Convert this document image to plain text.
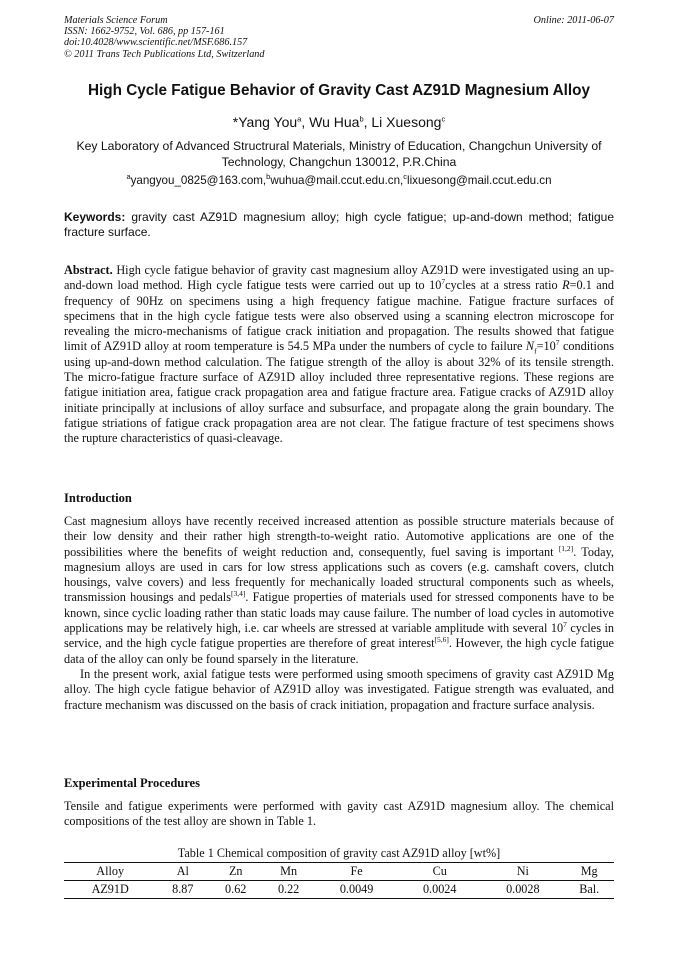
Materials Science Forum
ISSN: 1662-9752, Vol. 686, pp 157-161
doi:10.4028/www.scientific.net/MSF.686.157
© 2011 Trans Tech Publications Ltd, Switzerland
Online: 2011-06-07
High Cycle Fatigue Behavior of Gravity Cast AZ91D Magnesium Alloy
*Yang You$^a$, Wu Hua$^b$, Li Xuesong$^c$
Key Laboratory of Advanced Structrural Materials, Ministry of Education, Changchun University of Technology, Changchun 130012, P.R.China
$^a$yangyou_0825@163.com,$^b$wuhua@mail.ccut.edu.cn,$^c$lixuesong@mail.ccut.edu.cn
Keywords: gravity cast AZ91D magnesium alloy; high cycle fatigue; up-and-down method; fatigue fracture surface.
Abstract. High cycle fatigue behavior of gravity cast magnesium alloy AZ91D were investigated using an up-and-down load method. High cycle fatigue tests were carried out up to $10^7cycles$ at a stress ratio R=0.1 and frequency of 90Hz on specimens using a high frequency fatigue machine. Fatigue fracture surfaces of specimens that in the high cycle fatigue tests were also observed using a scanning electron microscope for revealing the micro-mechanisms of fatigue crack initiation and propagation. The results showed that fatigue limit of AZ91D alloy at room temperature is 54.5 MPa under the numbers of cycle to failure $N_f=10^7$ conditions using up-and-down method calculation. The fatigue strength of the alloy is about 32% of its tensile strength. The micro-fatigue fracture surface of AZ91D alloy included three representative regions. These regions are fatigue initiation area, fatigue crack propagation area and fatigue fracture area. Fatigue cracks of AZ91D alloy initiate principally at inclusions of alloy surface and subsurface, and propagate along the grain boundary. The fatigue striations of fatigue crack propagation area are not clear. The fatigue fracture of test specimens shows the rupture characteristics of quasi-cleavage.
Introduction

Cast magnesium alloys have recently received increased attention as possible structure materials because of their low density and their rather high strength-to-weight ratio. Automotive applications are one of the possibilities where the benefits of weight reduction and, consequently, fuel saving is important [1,2]. Today, magnesium alloys are used in cars for low stress applications such as covers (e.g. camshaft covers, clutch housings, valve covers) and less frequently for mechanically loaded structural components such as wheels, transmission housings and pedals[3,4]. Fatigue properties of materials used for stressed components have to be known, since cyclic loading rather than static loads may cause failure. The number of load cycles in automotive applications may be relatively high, i.e. car wheels are stressed at variable amplitude with several $10^7$ cycles in service, and the high cycle fatigue properties are therefore of great interest[5,6]. However, the high cycle fatigue data of the alloy can only be found sparsely in the literature.

In the present work, axial fatigue tests were performed using smooth specimens of gravity cast AZ91D Mg alloy. The high cycle fatigue behavior of AZ91D alloy was investigated. Fatigue strength was evaluated, and fracture mechanism was discussed on the basis of crack initiation, propagation and fracture surface analysis.

Experimental Procedures
Tensile and fatigue experiments were performed with gavity cast AZ91D magnesium alloy. The chemical compositions of the test alloy are shown in Table 1.
Table 1 Chemical composition of gravity cast AZ91D alloy [wt%]
Alloy	Al	Zn	Mn	Fe	Cu	Ni	Mg
AZ91D	8.87	0.62	0.22	0.0049	0.0024	0.0028	Bal.
